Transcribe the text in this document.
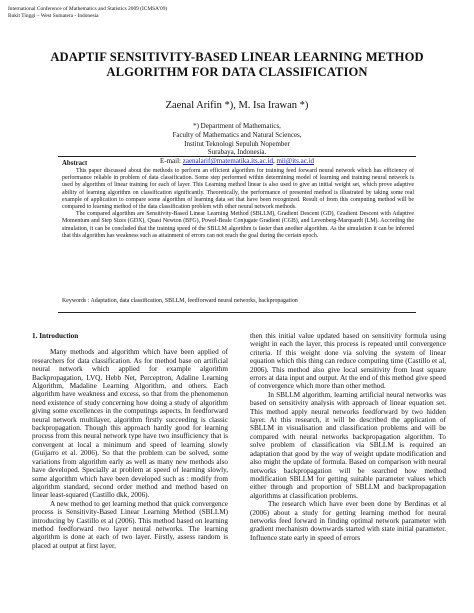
International Conference of Mathematics and Statistics 2009 (ICMSA'09)
Bukit Tinggi – West Sumatera - Indonesia
ADAPTIF SENSITIVITY-BASED LINEAR LEARNING METHOD
ALGORITHM FOR DATA CLASSIFICATION
Zaenal Arifin *), M. Isa Irawan *)
*) Department of Mathematics,
Faculty of Mathematics and Natural Sciences,
Institut Teknologi Sepuluh Nopember
Surabaya, Indonesia.
E-mail: zaenalarif@matematika.its.ac.id, mii@its.ac.id
Abstract

This paper discussed about the methods to perform an efficient algorithm for training feed forward neural network which has efficiency of performance reliable in problem of data classification. Some step performed within determining model of learning and training neural network is used by algorithm of linear training for each of layer. This Learning method linear is also used to give an initial weight set, which prove adaptive ability of learning algorithm on classification significantly. Theoretically, the performance of presented method is illustrated by taking some real example of application to compare some algorithm of learning data set that have been recognized. Result of from this computing method will be compared to learning method of the data classification problem with other neural network methods.

The compared algorithm are Sensitivity-Based Linear Learning Method (SBLLM), Gradient Descent (GD), Gradient Descent with Adaptive Momentum and Step Sizes (GDX), Quasi Newton (BFG), Powel-Beale Conjugate Gradient (CGB), and Levenberg-Marquardt (LM). According the simulation, it can be concluded that the training speed of the SBLLM algorithm is faster than another algorithm. As the simulation it can be inferred that this algorithm has weakness such as attainment of errors can not reach the goal during the certain epoch.

Keywords : Adaptation, data classification, SBLLM, feedforward neural networks, backpropagation

1. Introduction

Many methods and algorithm which have been applied of researchers for data classification. As for method base on artificial neural network which applied for example algorithm Backpropagation, LVQ, Hebb Net, Perceptron, Adaline Learning Algorithm, Madaline Learning Algorithm, and others. Each algorithm have weakness and excess, so that from the phenomenon need existence of study concerning how doing a study of algorithm giving some excellences in the computings aspects. In feedforward neural network multilayer, algorithm firstly succeeding is classic backpropagation. Though this approach hardly good for learning process from this neural network type have two insufficiency that is convergent at local a minimum and speed of learning slowly (Guijarro et al. 2006). So that the problem can be solved, some variations from algorithm early as well as many new methods also have developed. Specially at problem at speed of learning slowly, some algorithm which have been developed such as : modify from algorithm standard, second order method and method based on linear least-squared (Castillo dkk, 2006).

A new method to get learning method that quick convergence process is Sensitivity-Based Linear Learning Method (SBLLM) introducing by Castillo et al (2006). This method based on learning method feedforward two layer neural networks. The learning algorithm is done at each of two layer. Firstly, assess random is placed at output at first layer,

then this initial value updated based on sensitivity formula using weight in each the layer, this process is repeated until convergence criteria. If this weight done via solving the system of linear equation which this thing can reduce computing time (Castillo et al, 2006). This method also give local sensitivity from least square errors at data input and output. At the end of this method give speed of convergence which more than other method.

In SBLLM algorithm, learning artificial neural networks was based on sensitivity analysis with approach of linear equation set. This method apply neural networks feedforward by two hidden layer. At this research, it will be described the application of SBLLM in visualisation and classification problems and will be compared with neural networks backpropagation algorithm. To solve problem of classification via SBLLM is required an adaptation that good by the way of weight update modification and also might the update of formula. Based on comparison with neural networks backpropagation will be searched how method modification SBLLM for getting suitable parameter values which either through and proportion of SBLLM and backpropagation algorithms at classification problems.

The research which have ever been done by Berdinas et al (2006) about a study for getting learning method for neural networks feed forward in finding optimal network parameter with gradient mechanism downwards started with state initial parameter. Influence state early in speed of errors
